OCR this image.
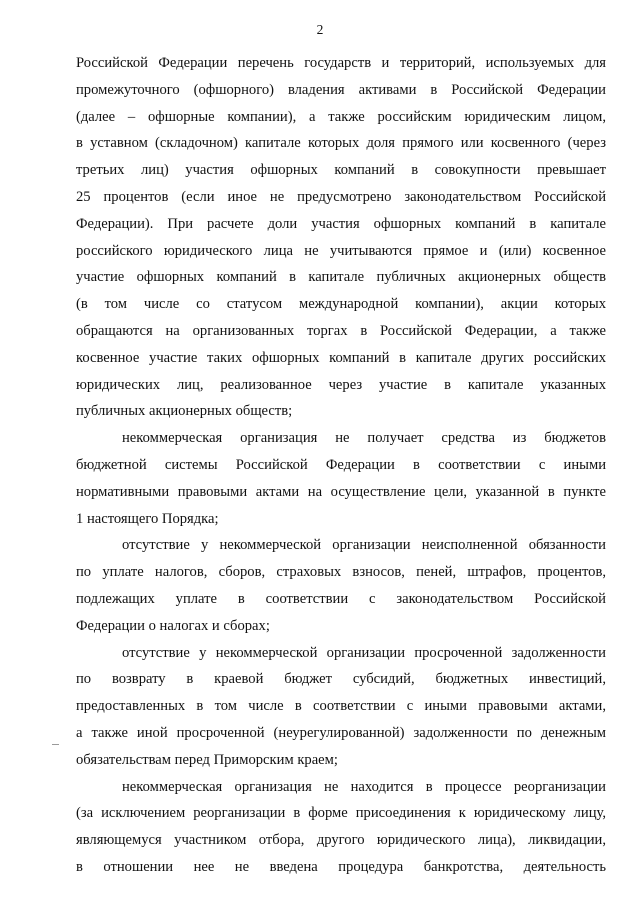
2
Российской Федерации перечень государств и территорий, используемых для
промежуточного (офшорного) владения активами в Российской Федерации
(далее – офшорные компании), а также российским юридическим лицом,
в уставном (складочном) капитале которых доля прямого или косвенного (через
третьих лиц) участия офшорных компаний в совокупности превышает
25 процентов (если иное не предусмотрено законодательством Российской
Федерации). При расчете доли участия офшорных компаний в капитале
российского юридического лица не учитываются прямое и (или) косвенное
участие офшорных компаний в капитале публичных акционерных обществ
(в том числе со статусом международной компании), акции которых
обращаются на организованных торгах в Российской Федерации, а также
косвенное участие таких офшорных компаний в капитале других российских
юридических лиц, реализованное через участие в капитале указанных
публичных акционерных обществ;
некоммерческая организация не получает средства из бюджетов
бюджетной системы Российской Федерации в соответствии с иными
нормативными правовыми актами на осуществление цели, указанной в пункте
1 настоящего Порядка;
отсутствие у некоммерческой организации неисполненной обязанности
по уплате налогов, сборов, страховых взносов, пеней, штрафов, процентов,
подлежащих уплате в соответствии с законодательством Российской
Федерации о налогах и сборах;
отсутствие у некоммерческой организации просроченной задолженности
по возврату в краевой бюджет субсидий, бюджетных инвестиций,
предоставленных в том числе в соответствии с иными правовыми актами,
а также иной просроченной (неурегулированной) задолженности по денежным
обязательствам перед Приморским краем;
некоммерческая организация не находится в процессе реорганизации
(за исключением реорганизации в форме присоединения к юридическому лицу,
являющемуся участником отбора, другого юридического лица), ликвидации,
в отношении нее не введена процедура банкротства, деятельность
